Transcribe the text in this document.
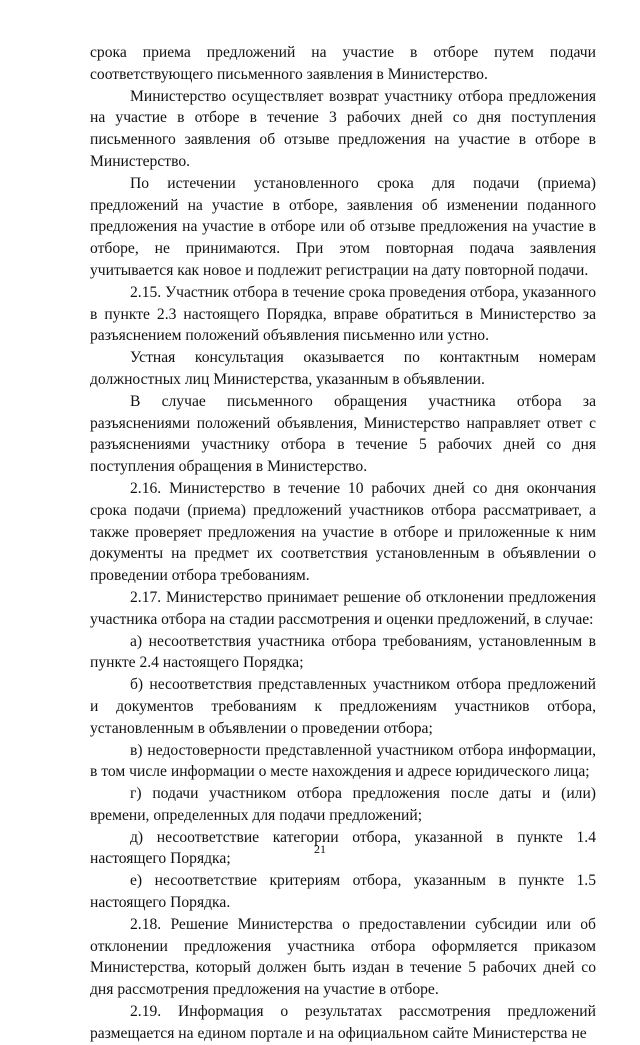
срока приема предложений на участие в отборе путем подачи соответствующего письменного заявления в Министерство.

Министерство осуществляет возврат участнику отбора предложения на участие в отборе в течение 3 рабочих дней со дня поступления письменного заявления об отзыве предложения на участие в отборе в Министерство.

По истечении установленного срока для подачи (приема) предложений на участие в отборе, заявления об изменении поданного предложения на участие в отборе или об отзыве предложения на участие в отборе, не принимаются. При этом повторная подача заявления учитывается как новое и подлежит регистрации на дату повторной подачи.

2.15. Участник отбора в течение срока проведения отбора, указанного в пункте 2.3 настоящего Порядка, вправе обратиться в Министерство за разъяснением положений объявления письменно или устно.

Устная консультация оказывается по контактным номерам должностных лиц Министерства, указанным в объявлении.

В случае письменного обращения участника отбора за разъяснениями положений объявления, Министерство направляет ответ с разъяснениями участнику отбора в течение 5 рабочих дней со дня поступления обращения в Министерство.

2.16. Министерство в течение 10 рабочих дней со дня окончания срока подачи (приема) предложений участников отбора рассматривает, а также проверяет предложения на участие в отборе и приложенные к ним документы на предмет их соответствия установленным в объявлении о проведении отбора требованиям.

2.17. Министерство принимает решение об отклонении предложения участника отбора на стадии рассмотрения и оценки предложений, в случае:

а) несоответствия участника отбора требованиям, установленным в пункте 2.4 настоящего Порядка;

б) несоответствия представленных участником отбора предложений и документов требованиям к предложениям участников отбора, установленным в объявлении о проведении отбора;

в) недостоверности представленной участником отбора информации, в том числе информации о месте нахождения и адресе юридического лица;

г) подачи участником отбора предложения после даты и (или) времени, определенных для подачи предложений;

д) несоответствие категории отбора, указанной в пункте 1.4 настоящего Порядка;

е) несоответствие критериям отбора, указанным в пункте 1.5 настоящего Порядка.

2.18. Решение Министерства о предоставлении субсидии или об отклонении предложения участника отбора оформляется приказом Министерства, который должен быть издан в течение 5 рабочих дней со дня рассмотрения предложения на участие в отборе.

2.19. Информация о результатах рассмотрения предложений размещается на едином портале и на официальном сайте Министерства не

21
